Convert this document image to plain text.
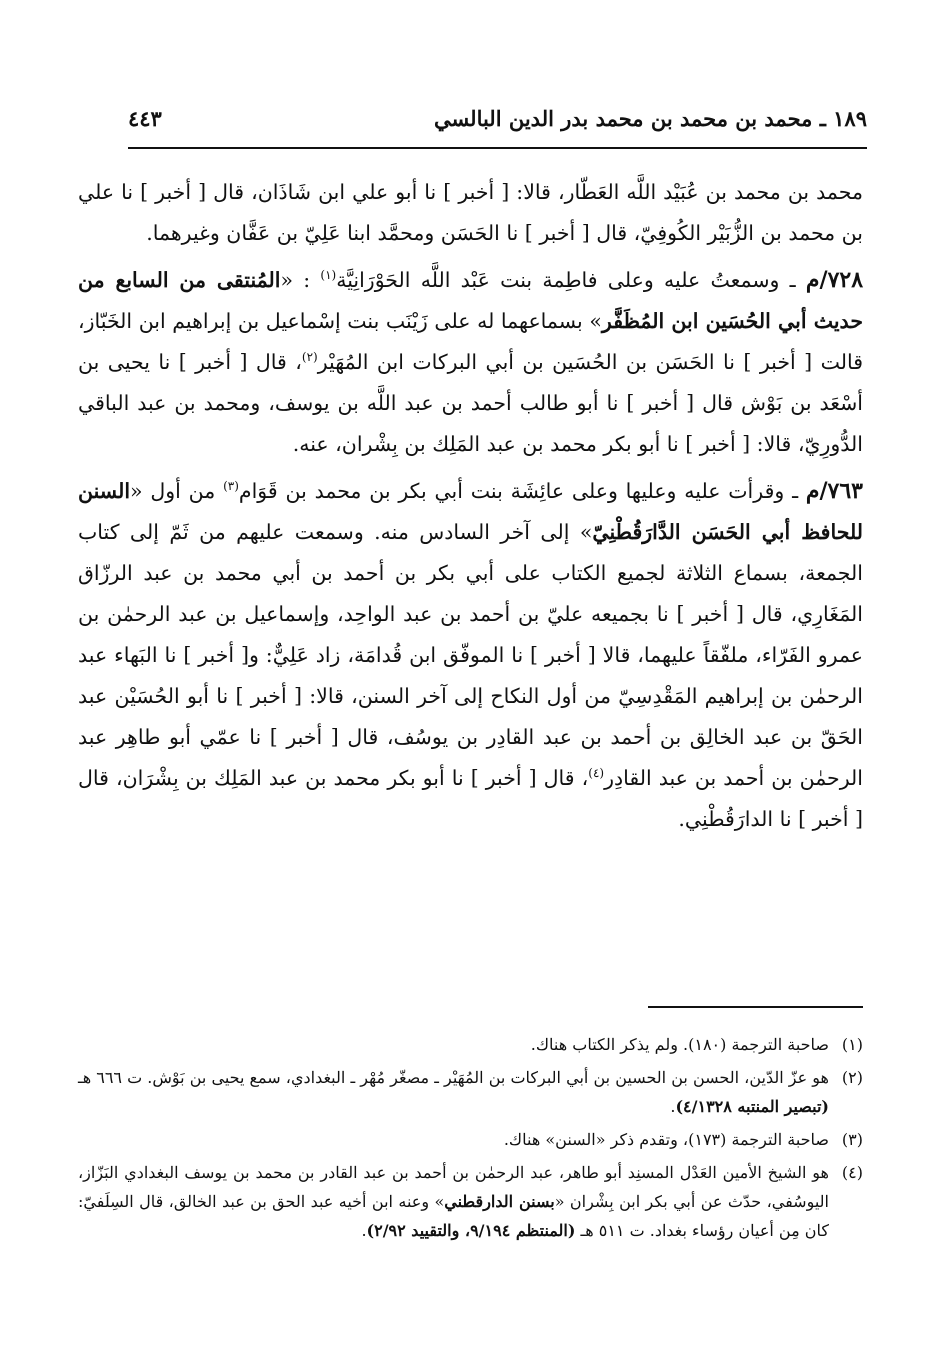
١٨٩ ـ محمد بن محمد بن محمد بدر الدين البالسي
٤٤٣

محمد بن محمد بن عُبَيْد اللَّه العَطّار، قالا: [ أخبر ] نا أبو علي ابن شَاذَان، قال [ أخبر ] نا علي بن محمد بن الزُّبَيْر الكُوفِيّ، قال [ أخبر ] نا الحَسَن ومحمَّد ابنا عَلِيّ بن عَفَّان وغيرهما.

٧٢٨/م ـ وسمعتُ عليه وعلى فاطِمة بنت عَبْد اللَّه الحَوْرَانِيَّة$^{(١)}$ : «المُنتقى من السابع من حديث أبي الحُسَين ابن المُظَفَّر» بسماعهما له على زَيْنَب بنت إسْماعيل بن إبراهيم ابن الخَبّاز، قالت [ أخبر ] نا الحَسَن بن الحُسَين بن أبي البركات ابن المُهَيْر$^{(٢)}$، قال [ أخبر ] نا يحيى بن أسْعَد بن بَوْش قال [ أخبر ] نا أبو طالب أحمد بن عبد اللَّه بن يوسف، ومحمد بن عبد الباقي الدُّورِيّ، قالا: [ أخبر ] نا أبو بكر محمد بن عبد المَلِك بن بِشْران، عنه.

٧٦٣/م ـ وقرأت عليه وعليها وعلى عائِشَة بنت أبي بكر بن محمد بن قَوَام$^{(٣)}$ من أول «السنن للحافظ أبي الحَسَن الدَّارَقُطْنِيّ» إلى آخر السادس منه. وسمعت عليهم من ثَمّ إلى كتاب الجمعة، بسماع الثلاثة لجميع الكتاب على أبي بكر بن أحمد بن أبي محمد بن عبد الرزّاق المَغَارِي، قال [ أخبر ] نا بجميعه عليّ بن أحمد بن عبد الواحِد، وإسماعيل بن عبد الرحمٰن بن عمرو الفَرّاء، ملفّقاً عليهما، قالا [ أخبر ] نا الموفّق ابن قُدامَة، زاد عَلِيٌّ: و[ أخبر ] نا البَهاء عبد الرحمٰن بن إبراهيم المَقْدِسِيّ من أول النكاح إلى آخر السنن، قالا: [ أخبر ] نا أبو الحُسَيْن عبد الحَقّ بن عبد الخالِق بن أحمد بن عبد القادِر بن يوسُف، قال [ أخبر ] نا عمّي أبو طاهِر عبد الرحمٰن بن أحمد بن عبد القادِر$^{(٤)}$، قال [ أخبر ] نا أبو بكر محمد بن عبد المَلِك بن بِشْرَان، قال [ أخبر ] نا الدارَقُطْنِي.

(١)
صاحبة الترجمة (١٨٠). ولم يذكر الكتاب هناك.
(٢)
هو عزّ الدّين، الحسن بن الحسين بن أبي البركات بن المُهَيْر ـ مصغّر مُهْر ـ البغدادي، سمع يحيى بن بَوْش. ت ٦٦٦ هـ (تبصير المنتبه ٤/١٣٢٨).
(٣)
صاحبة الترجمة (١٧٣)، وتقدم ذكر «السنن» هناك.
(٤)
هو الشيخ الأمين العَدْل المسنِد أبو طاهر، عبد الرحمٰن بن أحمد بن عبد القادر بن محمد بن يوسف البغدادي البَزّاز، اليوسُفي، حدّث عن أبي بكر ابن بِشْران «بسنن الدارقطني» وعنه ابن أخيه عبد الحق بن عبد الخالق، قال السِلَفيّ: كان مِن أعيان رؤساء بغداد. ت ٥١١ هـ (المنتظم ٩/١٩٤، والتقييد ٢/٩٢).
